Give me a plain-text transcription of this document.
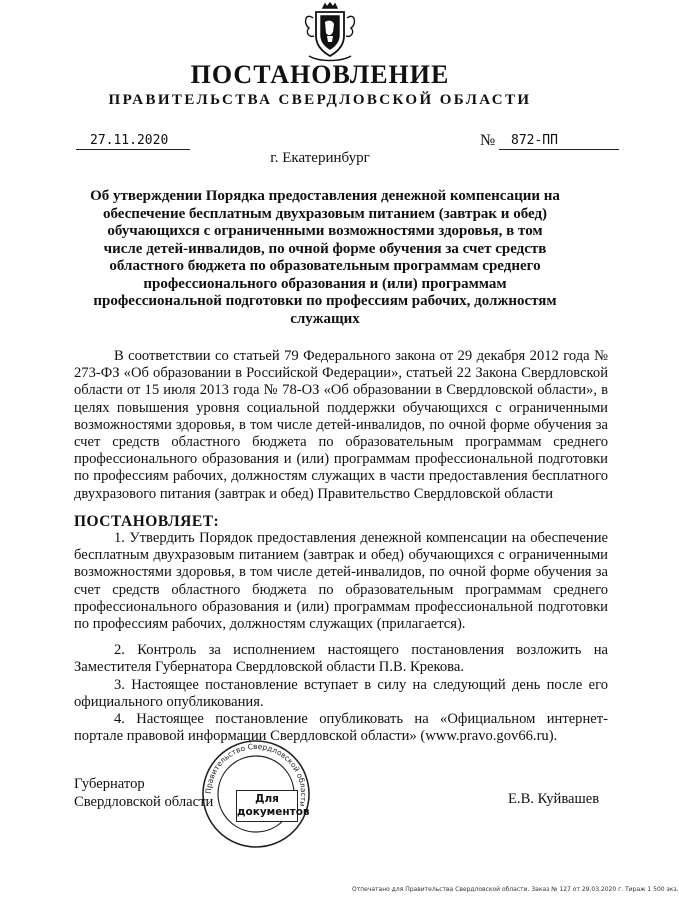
ПОСТАНОВЛЕНИЕ
ПРАВИТЕЛЬСТВА СВЕРДЛОВСКОЙ ОБЛАСТИ
27.11.2020	№	872-ПП
г. Екатеринбург
Об утверждении Порядка предоставления денежной компенсации на обеспечение бесплатным двухразовым питанием (завтрак и обед) обучающихся с ограниченными возможностями здоровья, в том числе детей-инвалидов, по очной форме обучения за счет средств областного бюджета по образовательным программам среднего профессионального образования и (или) программам профессиональной подготовки по профессиям рабочих, должностям служащих
В соответствии со статьей 79 Федерального закона от 29 декабря 2012 года № 273-ФЗ «Об образовании в Российской Федерации», статьей 22 Закона Свердловской области от 15 июля 2013 года № 78-ОЗ «Об образовании в Свердловской области», в целях повышения уровня социальной поддержки обучающихся с ограниченными возможностями здоровья, в том числе детей-инвалидов, по очной форме обучения за счет средств областного бюджета по образовательным программам среднего профессионального образования и (или) программам профессиональной подготовки по профессиям рабочих, должностям служащих в части предоставления бесплатного двухразового питания (завтрак и обед) Правительство Свердловской области
ПОСТАНОВЛЯЕТ:
1. Утвердить Порядок предоставления денежной компенсации на обеспечение бесплатным двухразовым питанием (завтрак и обед) обучающихся с ограниченными возможностями здоровья, в том числе детей-инвалидов, по очной форме обучения за счет средств областного бюджета по образовательным программам среднего профессионального образования и (или) программам профессиональной подготовки по профессиям рабочих, должностям служащих (прилагается).
2. Контроль за исполнением настоящего постановления возложить на Заместителя Губернатора Свердловской области П.В. Крекова.
3. Настоящее постановление вступает в силу на следующий день после его официального опубликования.
4. Настоящее постановление опубликовать на «Официальном интернет-портале правовой информации Свердловской области» (www.pravo.gov66.ru).
Губернатор
Свердловской области	Е.В. Куйвашев
Правительство Свердловской области
Для
документов
Отпечатано для Правительства Свердловской области. Заказ № 127 от 29.03.2020 г. Тираж 1 500 экз.
